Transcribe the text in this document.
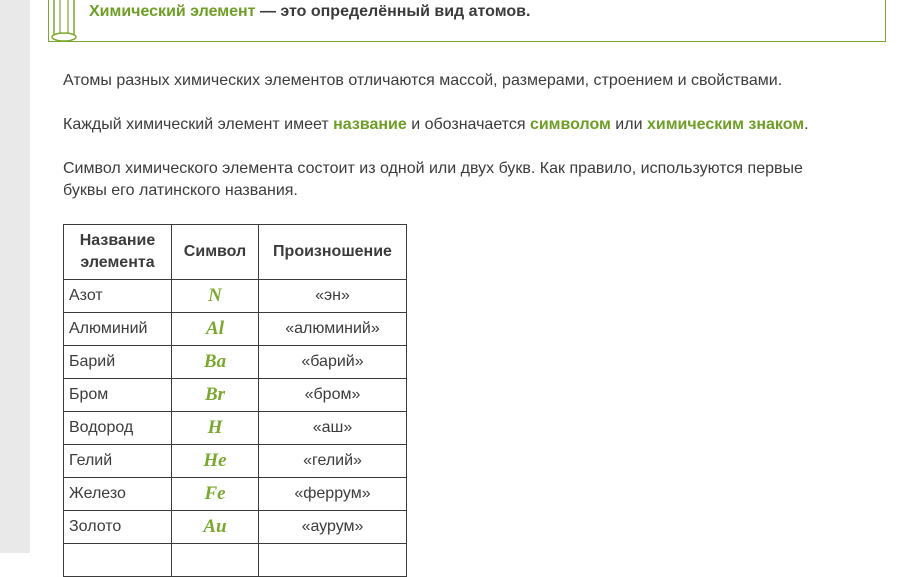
Химический элемент — это определённый вид атомов.
Атомы разных химических элементов отличаются массой, размерами, строением и свойствами.
Каждый химический элемент имеет название и обозначается символом или химическим знаком.
Символ химического элемента состоит из одной или двух букв. Как правило, используются первые
буквы его латинского названия.
Название
элемента	Символ	Произношение
Азот	N	«эн»
Алюминий	Al	«алюминий»
Барий	Ba	«барий»
Бром	Br	«бром»
Водород	H	«аш»
Гелий	He	«гелий»
Железо	Fe	«феррум»
Золото	Au	«аурум»
